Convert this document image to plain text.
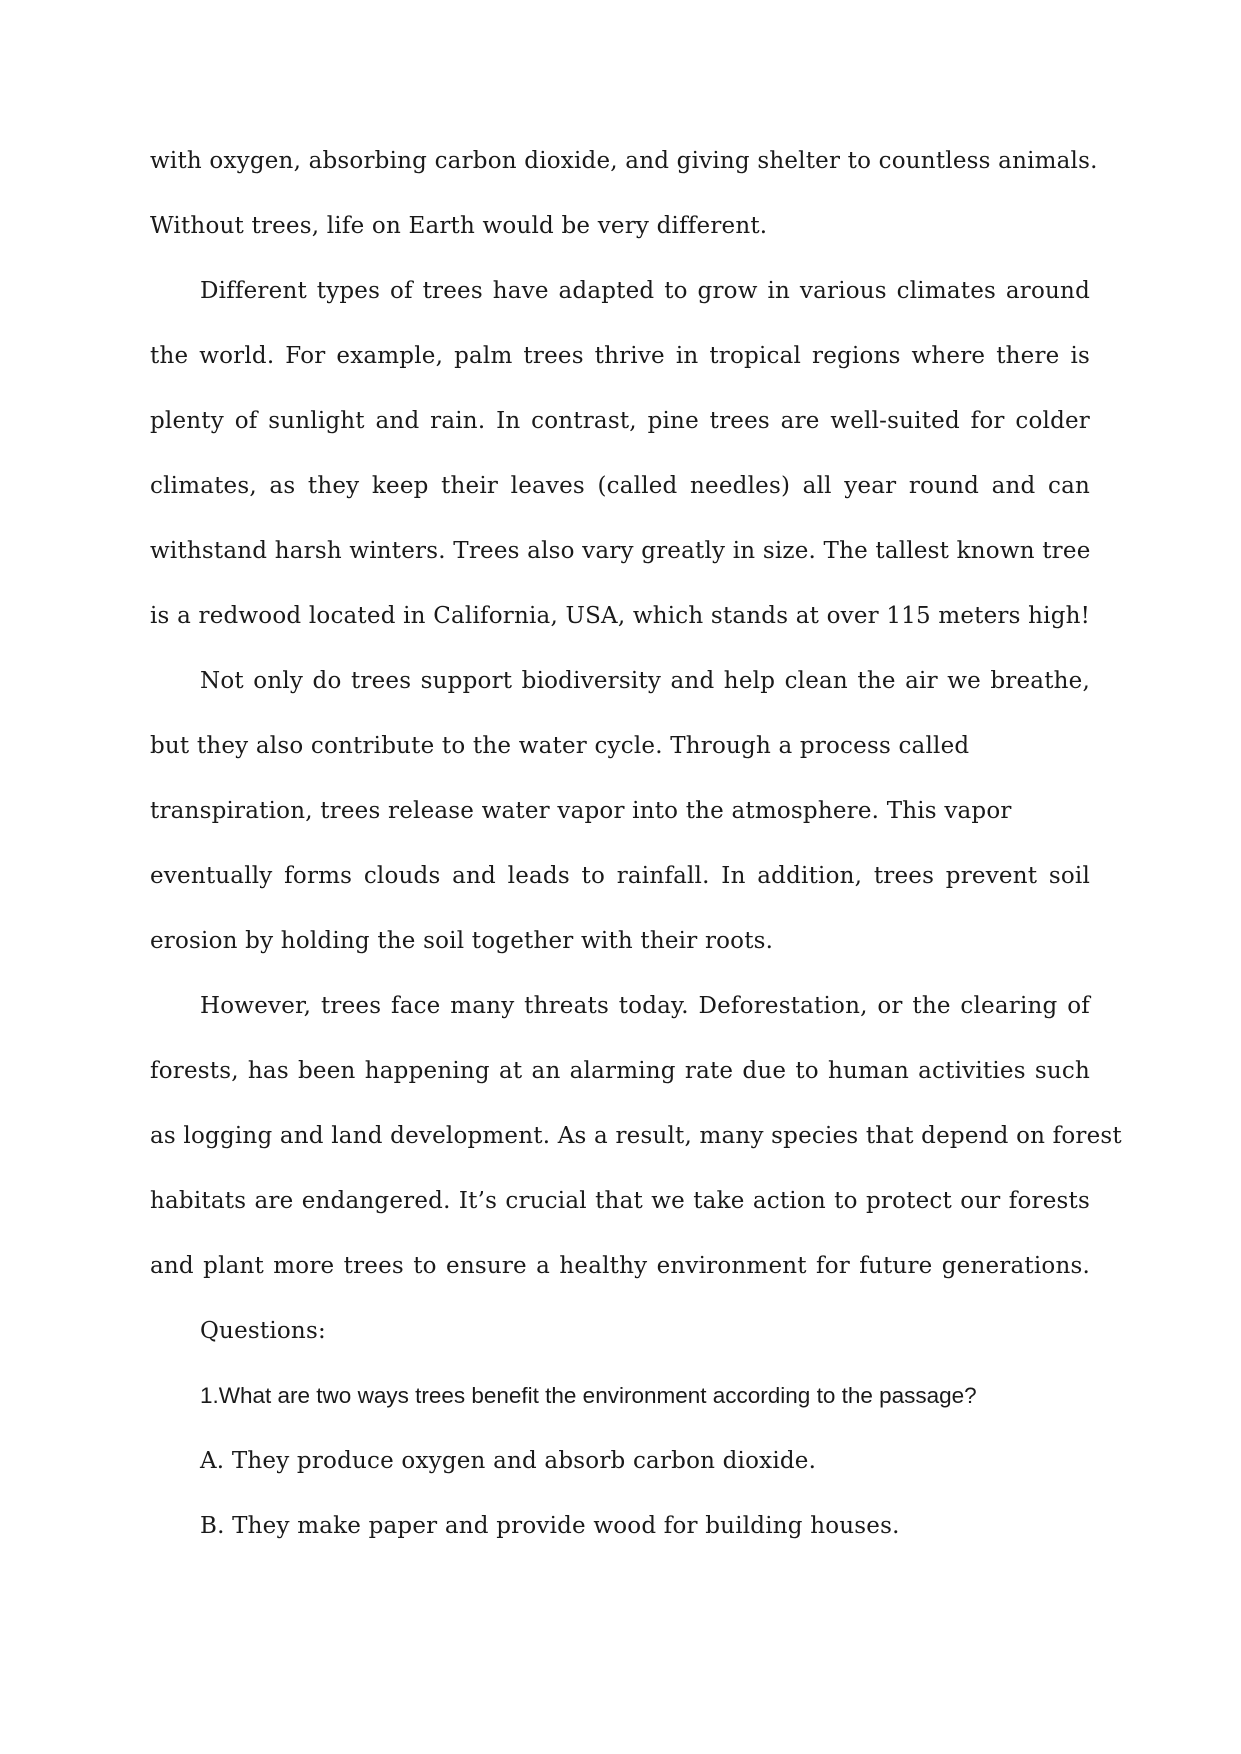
with oxygen, absorbing carbon dioxide, and giving shelter to countless animals.
Without trees, life on Earth would be very different.
Different types of trees have adapted to grow in various climates around
the world. For example, palm trees thrive in tropical regions where there is
plenty of sunlight and rain. In contrast, pine trees are well-suited for colder
climates, as they keep their leaves (called needles) all year round and can
withstand harsh winters. Trees also vary greatly in size. The tallest known tree
is a redwood located in California, USA, which stands at over 115 meters high!
Not only do trees support biodiversity and help clean the air we breathe,
but they also contribute to the water cycle. Through a process called
transpiration, trees release water vapor into the atmosphere. This vapor
eventually forms clouds and leads to rainfall. In addition, trees prevent soil
erosion by holding the soil together with their roots.
However, trees face many threats today. Deforestation, or the clearing of
forests, has been happening at an alarming rate due to human activities such
as logging and land development. As a result, many species that depend on forest
habitats are endangered. It’s crucial that we take action to protect our forests
and plant more trees to ensure a healthy environment for future generations.
Questions:
1.What are two ways trees benefit the environment according to the passage?
A. They produce oxygen and absorb carbon dioxide.
B. They make paper and provide wood for building houses.
